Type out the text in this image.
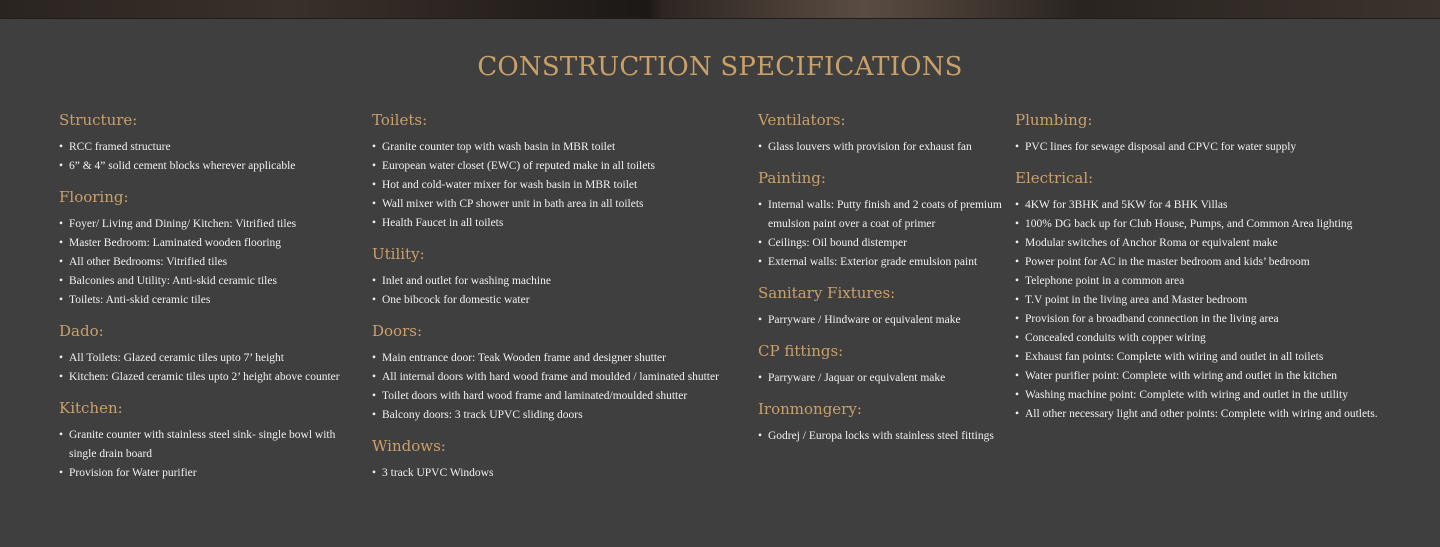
CONSTRUCTION SPECIFICATIONS
Structure:
• RCC framed structure
• 6” & 4” solid cement blocks wherever applicable
Flooring:
• Foyer/ Living and Dining/ Kitchen: Vitrified tiles
• Master Bedroom: Laminated wooden flooring
• All other Bedrooms: Vitrified tiles
• Balconies and Utility: Anti-skid ceramic tiles
• Toilets: Anti-skid ceramic tiles
Dado:
• All Toilets: Glazed ceramic tiles upto 7’ height
• Kitchen: Glazed ceramic tiles upto 2’ height above counter
Kitchen:
• Granite counter with stainless steel sink- single bowl with single drain board
• Provision for Water purifier
Toilets:
• Granite counter top with wash basin in MBR toilet
• European water closet (EWC) of reputed make in all toilets
• Hot and cold-water mixer for wash basin in MBR toilet
• Wall mixer with CP shower unit in bath area in all toilets
• Health Faucet in all toilets
Utility:
• Inlet and outlet for washing machine
• One bibcock for domestic water
Doors:
• Main entrance door: Teak Wooden frame and designer shutter
• All internal doors with hard wood frame and moulded / laminated shutter
• Toilet doors with hard wood frame and laminated/moulded shutter
• Balcony doors: 3 track UPVC sliding doors
Windows:
• 3 track UPVC Windows
Ventilators:
• Glass louvers with provision for exhaust fan
Painting:
• Internal walls: Putty finish and 2 coats of premium emulsion paint over a coat of primer
• Ceilings: Oil bound distemper
• External walls: Exterior grade emulsion paint
Sanitary Fixtures:
• Parryware / Hindware or equivalent make
CP fittings:
• Parryware / Jaquar or equivalent make
Ironmongery:
• Godrej / Europa locks with stainless steel fittings
Plumbing:
• PVC lines for sewage disposal and CPVC for water supply
Electrical:
• 4KW for 3BHK and 5KW for 4 BHK Villas
• 100% DG back up for Club House, Pumps, and Common Area lighting
• Modular switches of Anchor Roma or equivalent make
• Power point for AC in the master bedroom and kids’ bedroom
• Telephone point in a common area
• T.V point in the living area and Master bedroom
• Provision for a broadband connection in the living area
• Concealed conduits with copper wiring
• Exhaust fan points: Complete with wiring and outlet in all toilets
• Water purifier point: Complete with wiring and outlet in the kitchen
• Washing machine point: Complete with wiring and outlet in the utility
• All other necessary light and other points: Complete with wiring and outlets.
